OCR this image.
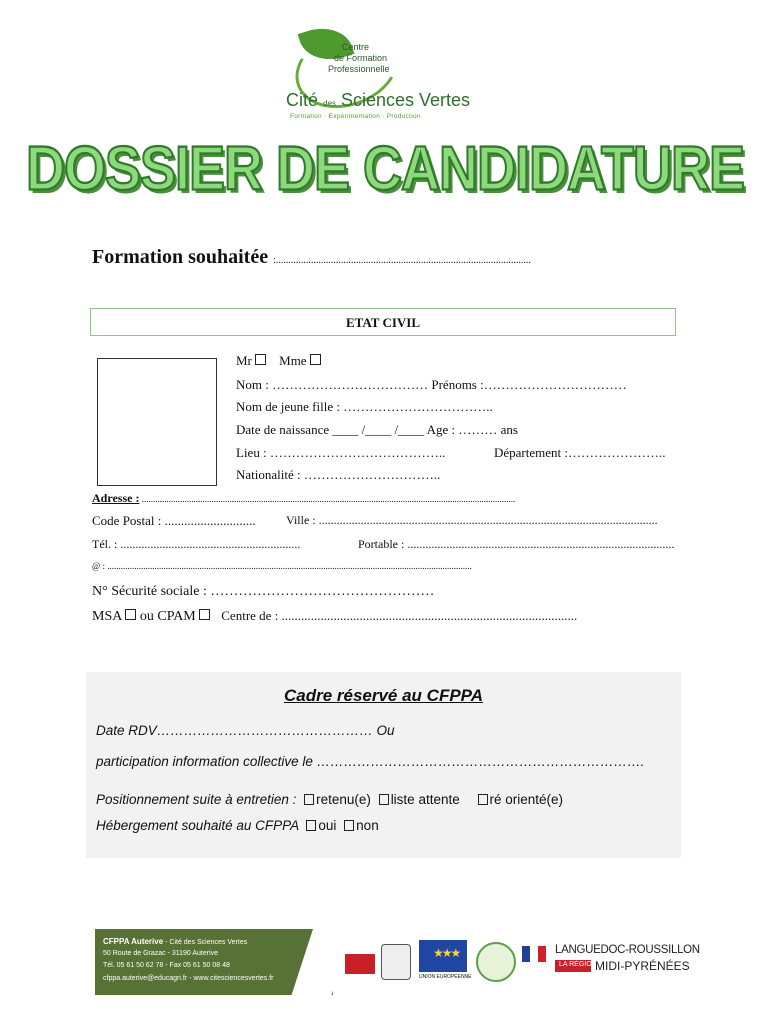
Centre
de Formation
Professionnelle
Cité des Sciences Vertes
Formation · Expérimentation · Production
DOSSIER DE CANDIDATURE
Formation souhaitée :......................................................................................................
ETAT CIVIL
Mr Mme
Nom : ……………………………… Prénoms :……………………………
Nom de jeune fille : ……………………………..
Date de naissance ____ /____ /____ Age : ……… ans
Lieu : …………………………………..	Département :…………………..
Nationalité : …………………………..
Adresse : ......................................................................................................................................................................
Code Postal : ............................	Ville : .................................................................................................................
Tél. : ............................................................	Portable : .........................................................................................
@ : ..................................................................................................................................................................
N° Sécurité sociale : …………………………………………
MSA ou CPAM Centre de : ...........................................................................................
Cadre réservé au CFPPA
Date RDV………………………………………… Ou
participation information collective le ……………………………………………………………….
Positionnement suite à entretien : retenu(e) liste attente ré orienté(e)
Hébergement souhaité au CFPPA oui non
CFPPA Auterive - Cité des Sciences Vertes
50 Route de Grazac - 31190 Auterive
Tél. 05 61 50 62 78 - Fax 05 61 50 08 48
cfppa.auterive@educagri.fr - www.citesciencesvertes.fr
★★★
UNION EUROPÉENNE
LANGUEDOC-ROUSSILLON
LA RÉGION
MIDI-PYRÉNÉES
